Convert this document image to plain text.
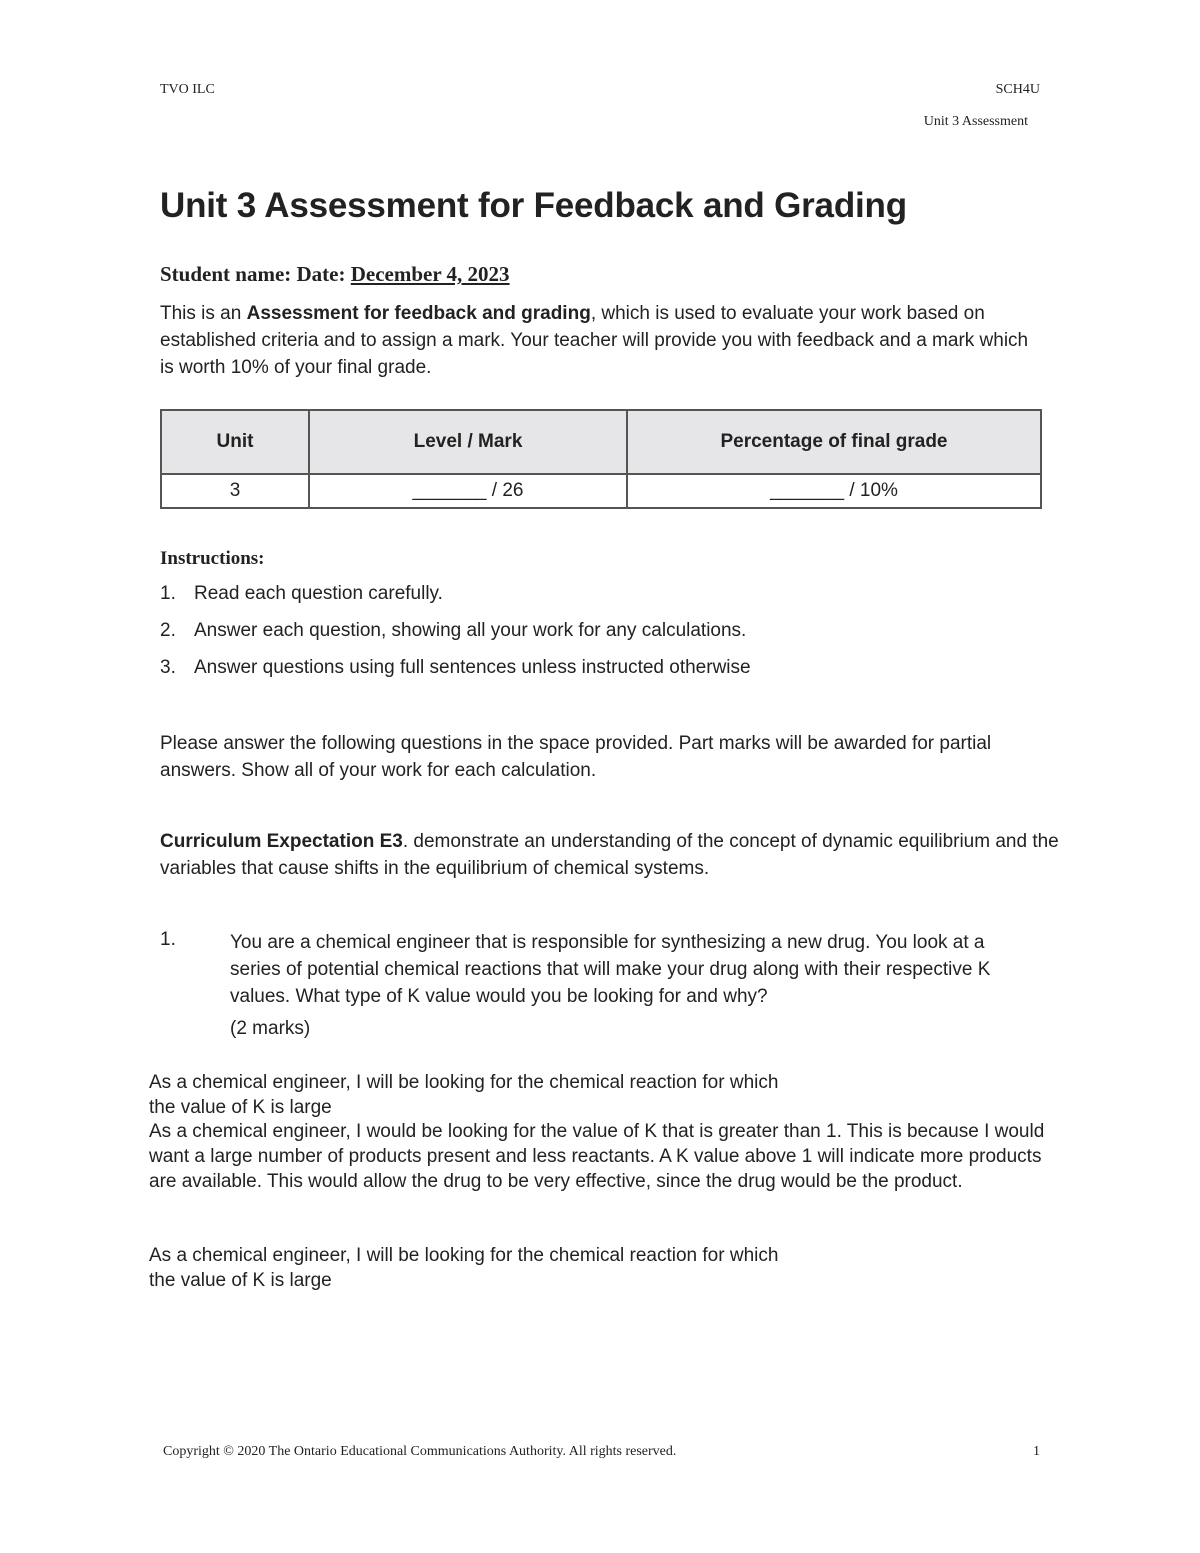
TVO ILC	SCH4U
Unit 3 Assessment
Unit 3 Assessment for Feedback and Grading
Student name: Date: December 4, 2023
This is an Assessment for feedback and grading, which is used to evaluate your work based on established criteria and to assign a mark. Your teacher will provide you with feedback and a mark which is worth 10% of your final grade.
Unit	Level / Mark	Percentage of final grade
3	_______ / 26	_______ / 10%
Instructions:
1. Read each question carefully.
2. Answer each question, showing all your work for any calculations.
3. Answer questions using full sentences unless instructed otherwise
Please answer the following questions in the space provided. Part marks will be awarded for partial answers. Show all of your work for each calculation.
Curriculum Expectation E3. demonstrate an understanding of the concept of dynamic equilibrium and the variables that cause shifts in the equilibrium of chemical systems.
1.	You are a chemical engineer that is responsible for synthesizing a new drug. You look at a series of potential chemical reactions that will make your drug along with their respective K values. What type of K value would you be looking for and why?
(2 marks)
As a chemical engineer, I will be looking for the chemical reaction for which
the value of K is large
As a chemical engineer, I would be looking for the value of K that is greater than 1. This is because I would want a large number of products present and less reactants. A K value above 1 will indicate more products are available. This would allow the drug to be very effective, since the drug would be the product.
As a chemical engineer, I will be looking for the chemical reaction for which
the value of K is large
Copyright © 2020 The Ontario Educational Communications Authority. All rights reserved.	1
